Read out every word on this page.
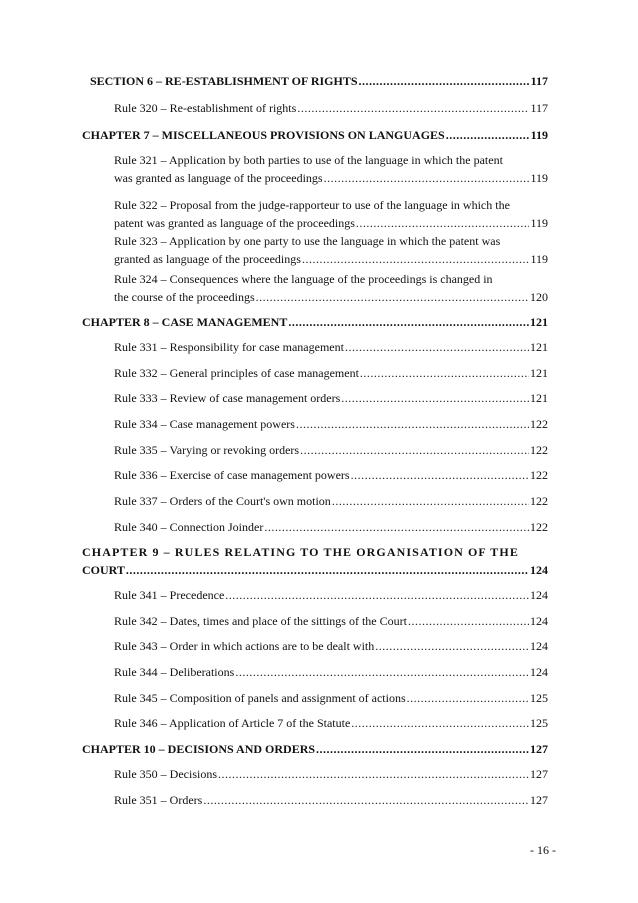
SECTION 6 – RE-ESTABLISHMENT OF RIGHTS .....	117
Rule 320 – Re-establishment of rights .....	117
CHAPTER 7 – MISCELLANEOUS PROVISIONS ON LANGUAGES .....	119
Rule 321 – Application by both parties to use of the language in which the patent
was granted as language of the proceedings .....	119
Rule 322 – Proposal from the judge-rapporteur to use of the language in which the
patent was granted as language of the proceedings .....	119
Rule 323 – Application by one party to use the language in which the patent was
granted as language of the proceedings .....	119
Rule 324 – Consequences where the language of the proceedings is changed in
the course of the proceedings .....	120
CHAPTER 8 – CASE MANAGEMENT .....	121
Rule 331 – Responsibility for case management .....	121
Rule 332 – General principles of case management .....	121
Rule 333 – Review of case management orders .....	121
Rule 334 – Case management powers .....	122
Rule 335 – Varying or revoking orders .....	122
Rule 336 – Exercise of case management powers .....	122
Rule 337 – Orders of the Court's own motion .....	122
Rule 340 – Connection Joinder .....	122
CHAPTER 9 – RULES RELATING TO THE ORGANISATION OF THE
COURT .....	124
Rule 341 – Precedence .....	124
Rule 342 – Dates, times and place of the sittings of the Court .....	124
Rule 343 – Order in which actions are to be dealt with .....	124
Rule 344 – Deliberations .....	124
Rule 345 – Composition of panels and assignment of actions .....	125
Rule 346 – Application of Article 7 of the Statute .....	125
CHAPTER 10 – DECISIONS AND ORDERS .....	127
Rule 350 – Decisions .....	127
Rule 351 – Orders .....	127
- 16 -
